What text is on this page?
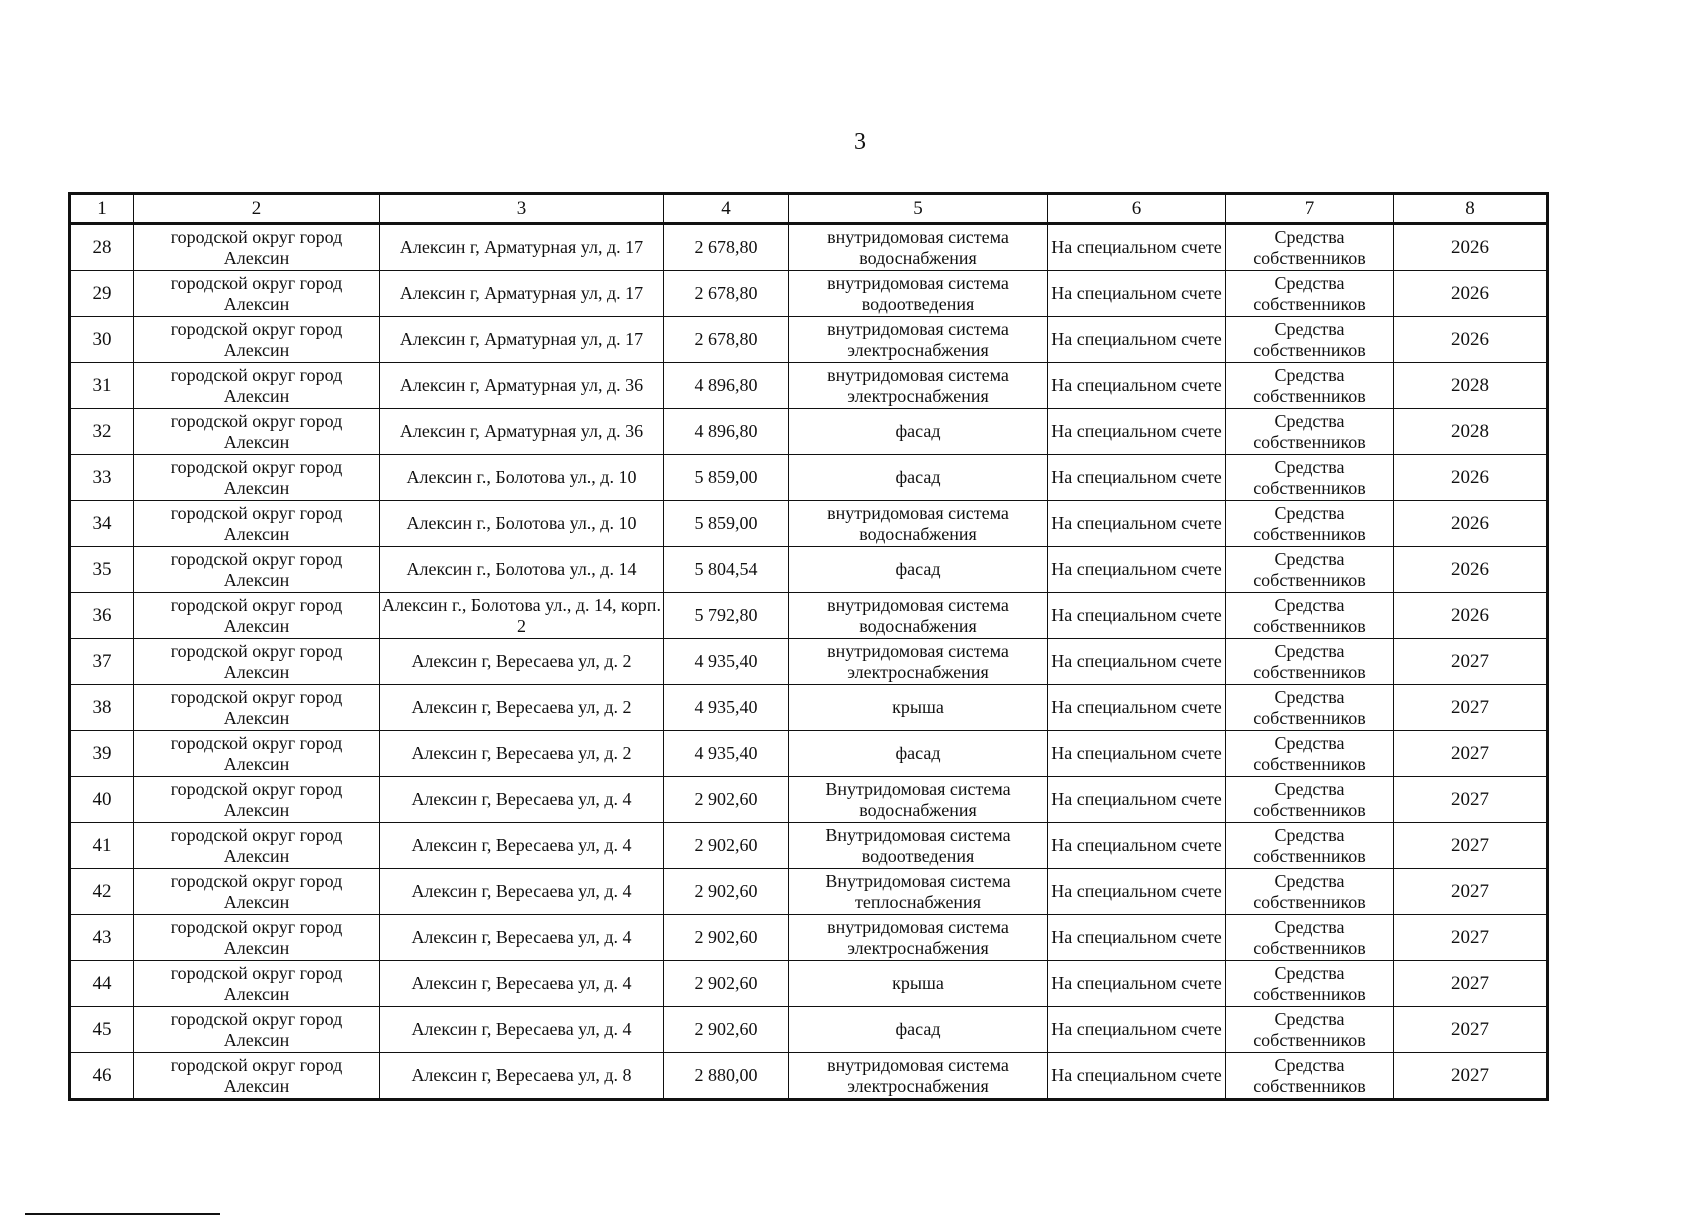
3
1	2	3	4	5	6	7	8
28	городской округ город Алексин	Алексин г, Арматурная ул, д. 17	2 678,80	внутридомовая система водоснабжения	На специальном счете	Средства собственников	2026
29	городской округ город Алексин	Алексин г, Арматурная ул, д. 17	2 678,80	внутридомовая система водоотведения	На специальном счете	Средства собственников	2026
30	городской округ город Алексин	Алексин г, Арматурная ул, д. 17	2 678,80	внутридомовая система электроснабжения	На специальном счете	Средства собственников	2026
31	городской округ город Алексин	Алексин г, Арматурная ул, д. 36	4 896,80	внутридомовая система электроснабжения	На специальном счете	Средства собственников	2028
32	городской округ город Алексин	Алексин г, Арматурная ул, д. 36	4 896,80	фасад	На специальном счете	Средства собственников	2028
33	городской округ город Алексин	Алексин г., Болотова ул., д. 10	5 859,00	фасад	На специальном счете	Средства собственников	2026
34	городской округ город Алексин	Алексин г., Болотова ул., д. 10	5 859,00	внутридомовая система водоснабжения	На специальном счете	Средства собственников	2026
35	городской округ город Алексин	Алексин г., Болотова ул., д. 14	5 804,54	фасад	На специальном счете	Средства собственников	2026
36	городской округ город Алексин	Алексин г., Болотова ул., д. 14, корп. 2	5 792,80	внутридомовая система водоснабжения	На специальном счете	Средства собственников	2026
37	городской округ город Алексин	Алексин г, Вересаева ул, д. 2	4 935,40	внутридомовая система электроснабжения	На специальном счете	Средства собственников	2027
38	городской округ город Алексин	Алексин г, Вересаева ул, д. 2	4 935,40	крыша	На специальном счете	Средства собственников	2027
39	городской округ город Алексин	Алексин г, Вересаева ул, д. 2	4 935,40	фасад	На специальном счете	Средства собственников	2027
40	городской округ город Алексин	Алексин г, Вересаева ул, д. 4	2 902,60	Внутридомовая система водоснабжения	На специальном счете	Средства собственников	2027
41	городской округ город Алексин	Алексин г, Вересаева ул, д. 4	2 902,60	Внутридомовая система водоотведения	На специальном счете	Средства собственников	2027
42	городской округ город Алексин	Алексин г, Вересаева ул, д. 4	2 902,60	Внутридомовая система теплоснабжения	На специальном счете	Средства собственников	2027
43	городской округ город Алексин	Алексин г, Вересаева ул, д. 4	2 902,60	внутридомовая система электроснабжения	На специальном счете	Средства собственников	2027
44	городской округ город Алексин	Алексин г, Вересаева ул, д. 4	2 902,60	крыша	На специальном счете	Средства собственников	2027
45	городской округ город Алексин	Алексин г, Вересаева ул, д. 4	2 902,60	фасад	На специальном счете	Средства собственников	2027
46	городской округ город Алексин	Алексин г, Вересаева ул, д. 8	2 880,00	внутридомовая система электроснабжения	На специальном счете	Средства собственников	2027
